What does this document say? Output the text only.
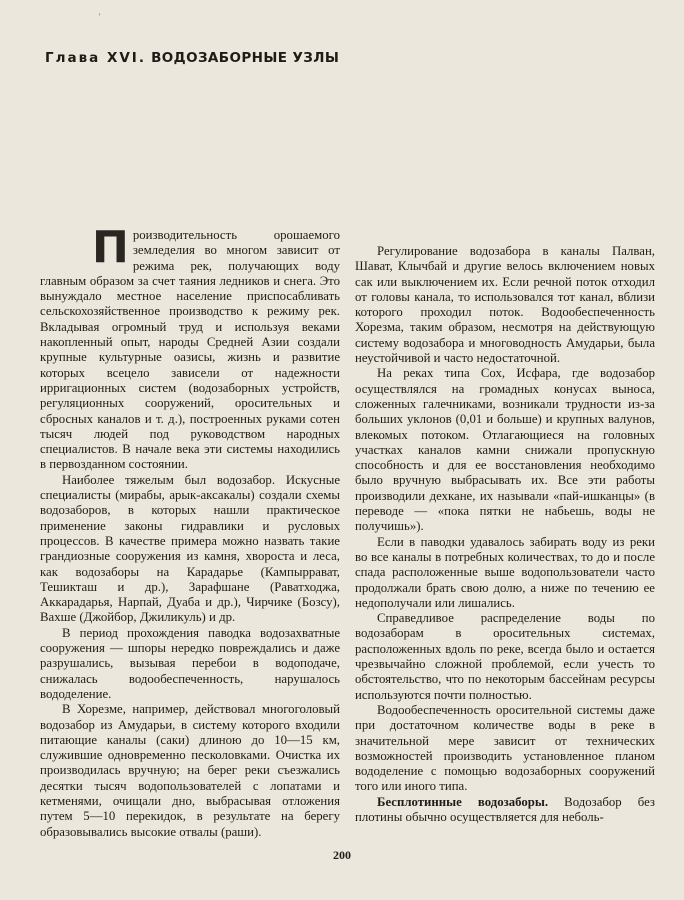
'
Глава XVI. ВОДОЗАБОРНЫЕ УЗЛЫ

Производительность орошаемого земледелия во многом зависит от режима рек, получающих воду главным образом за счет таяния ледников и снега. Это вынуждало местное население приспосабливать сельскохозяйственное производство к режиму рек. Вкладывая огромный труд и используя веками накопленный опыт, народы Средней Азии создали крупные культурные оазисы, жизнь и развитие которых всецело зависели от надежности ирригационных систем (водозаборных устройств, регуляционных сооружений, оросительных и сбросных каналов и т. д.), построенных руками сотен тысяч людей под руководством народных специалистов. В начале века эти системы находились в первозданном состоянии.

Наиболее тяжелым был водозабор. Искусные специалисты (мирабы, арык-аксакалы) создали схемы водозаборов, в которых нашли практическое применение законы гидравлики и русловых процессов. В качестве примера можно назвать такие грандиозные сооружения из камня, хвороста и леса, как водозаборы на Карадарье (Кампыррават, Тешикташ и др.), Зарафшане (Раватходжа, Аккарадарья, Нарпай, Дуаба и др.), Чирчике (Бозсу), Вахше (Джойбор, Джиликуль) и др.

В период прохождения паводка водозахватные сооружения — шпоры нередко повреждались и даже разрушались, вызывая перебои в водоподаче, снижалась водообеспеченность, нарушалось вододеление.

В Хорезме, например, действовал многоголовый водозабор из Амударьи, в систему которого входили питающие каналы (саки) длиною до 10—15 км, служившие одновременно песколовками. Очистка их производилась вручную; на берег реки съезжались десятки тысяч водопользователей с лопатами и кетменями, очищали дно, выбрасывая отложения путем 5—10 перекидок, в результате на берегу образовывались высокие отвалы (раши).

Регулирование водозабора в каналы Палван, Шават, Клычбай и другие велось включением новых сак или выключением их. Если речной поток отходил от головы канала, то использовался тот канал, вблизи которого проходил поток. Водообеспеченность Хорезма, таким образом, несмотря на действующую систему водозабора и многоводность Амударьи, была неустойчивой и часто недостаточной.

На реках типа Сох, Исфара, где водозабор осуществлялся на громадных конусах выноса, сложенных галечниками, возникали трудности из-за больших уклонов (0,01 и больше) и крупных валунов, влекомых потоком. Отлагающиеся на головных участках каналов камни снижали пропускную способность и для ее восстановления необходимо было вручную выбрасывать их. Все эти работы производили дехкане, их называли «пай-ишканцы» (в переводе — «пока пятки не набьешь, воды не получишь»).

Если в паводки удавалось забирать воду из реки во все каналы в потребных количествах, то до и после спада расположенные выше водопользователи часто продолжали брать свою долю, а ниже по течению ее недополучали или лишались.

Справедливое распределение воды по водозаборам в оросительных системах, расположенных вдоль по реке, всегда было и остается чрезвычайно сложной проблемой, если учесть то обстоятельство, что по некоторым бассейнам ресурсы используются почти полностью.

Водообеспеченность оросительной системы даже при достаточном количестве воды в реке в значительной мере зависит от технических возможностей производить установленное планом вододеление с помощью водозаборных сооружений того или иного типа.

Бесплотинные водозаборы. Водозабор без плотины обычно осуществляется для неболь-

200
